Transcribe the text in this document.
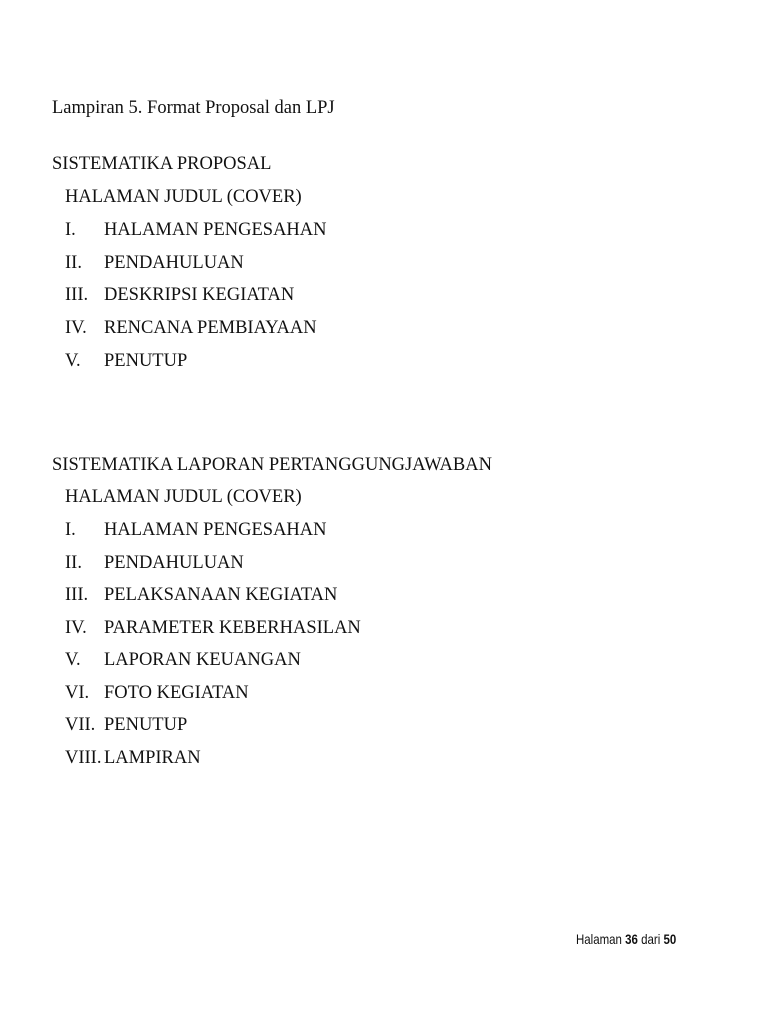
Lampiran 5. Format Proposal dan LPJ
SISTEMATIKA PROPOSAL
HALAMAN JUDUL (COVER)
I. HALAMAN PENGESAHAN
II. PENDAHULUAN
III. DESKRIPSI KEGIATAN
IV. RENCANA PEMBIAYAAN
V. PENUTUP
SISTEMATIKA LAPORAN PERTANGGUNGJAWABAN
HALAMAN JUDUL (COVER)
I. HALAMAN PENGESAHAN
II. PENDAHULUAN
III. PELAKSANAAN KEGIATAN
IV. PARAMETER KEBERHASILAN
V. LAPORAN KEUANGAN
VI. FOTO KEGIATAN
VII. PENUTUP
VIII. LAMPIRAN
Halaman 36 dari 50
